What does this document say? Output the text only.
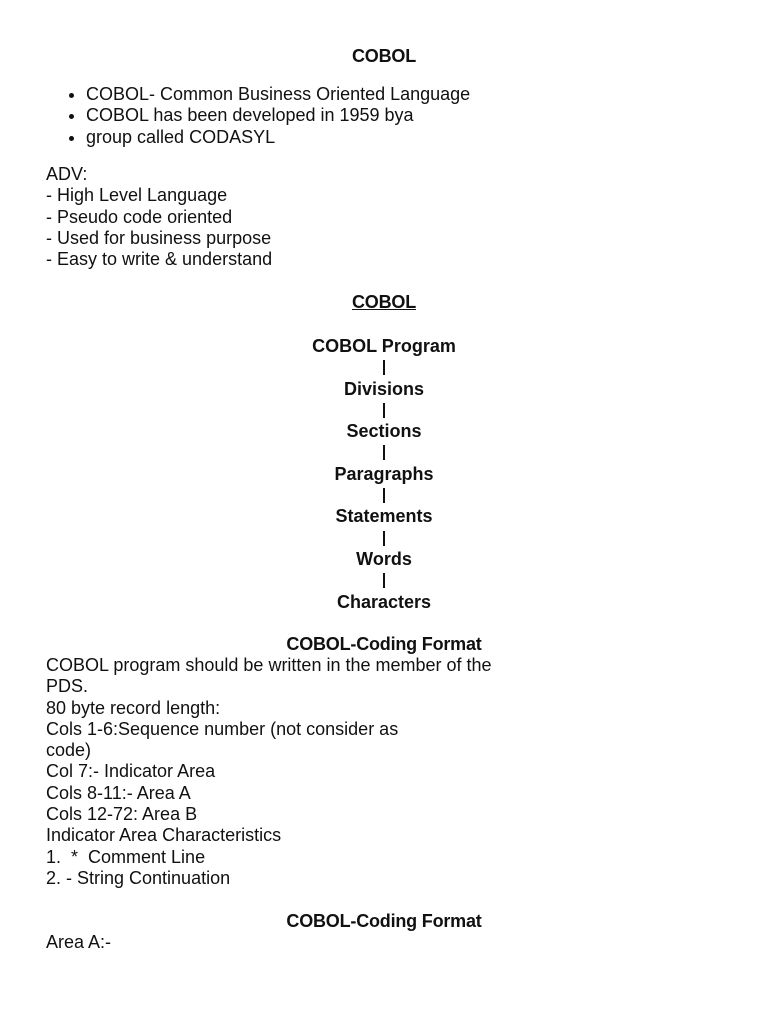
COBOL
• COBOL- Common Business Oriented Language
• COBOL has been developed in 1959 bya
• group called CODASYL
ADV:
- High Level Language
- Pseudo code oriented
- Used for business purpose
- Easy to write & understand
COBOL
COBOL Program
Divisions
Sections
Paragraphs
Statements
Words
Characters
COBOL-Coding Format
COBOL program should be written in the member of the PDS.
80 byte record length:
Cols 1-6:Sequence number (not consider as code)
Col 7:- Indicator Area
Cols 8-11:- Area A
Cols 12-72: Area B
Indicator Area Characteristics
1.  *  Comment Line
2. - String Continuation
COBOL-Coding Format
Area A:-
